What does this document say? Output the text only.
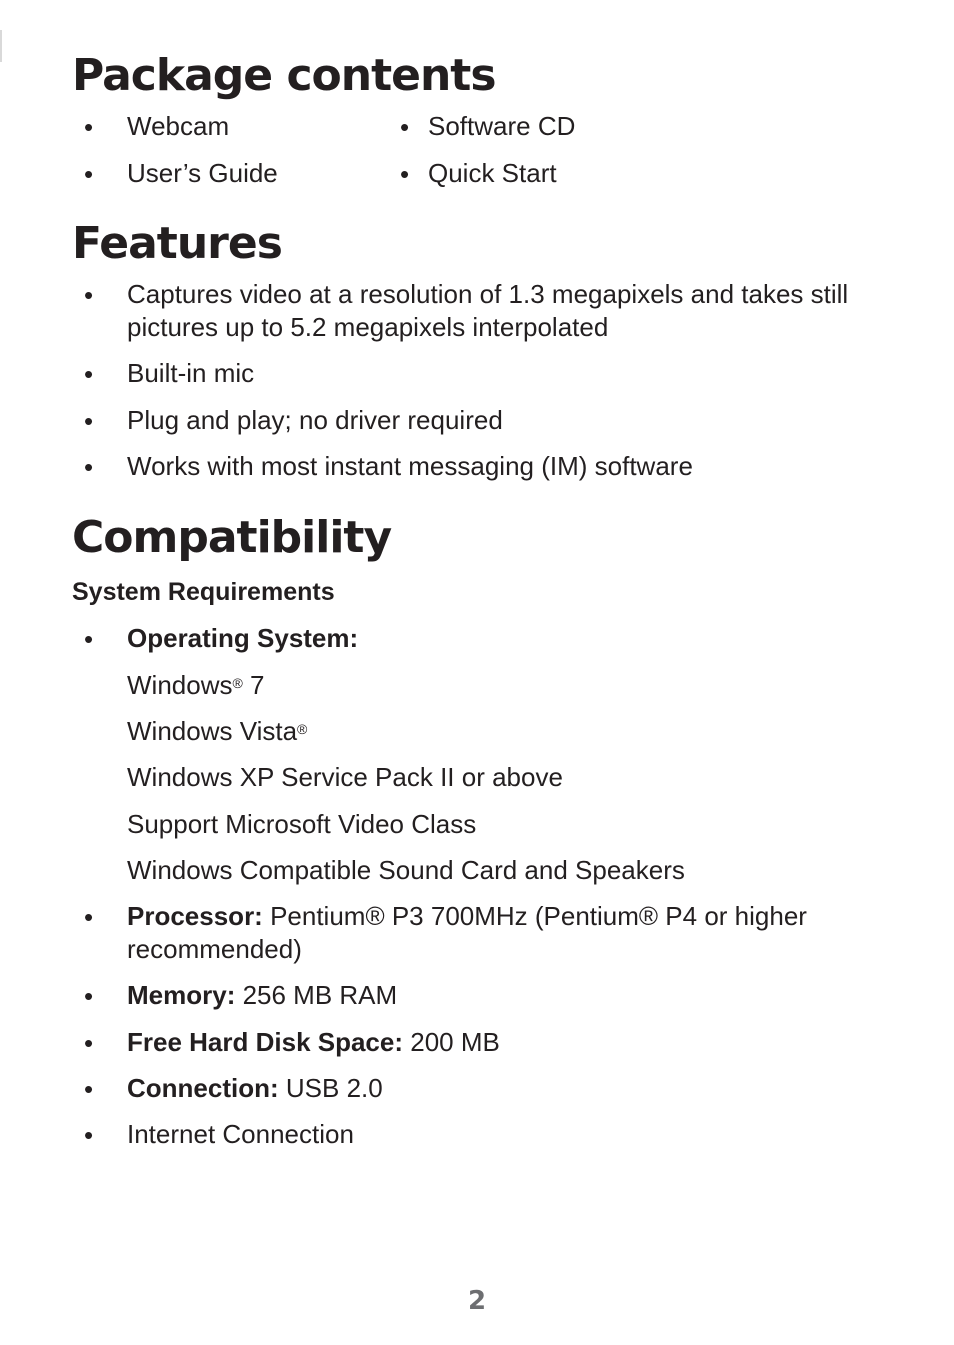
Package contents
• Webcam	• Software CD
• User’s Guide	• Quick Start
Features
• Captures video at a resolution of 1.3 megapixels and takes still pictures up to 5.2 megapixels interpolated
• Built-in mic
• Plug and play; no driver required
• Works with most instant messaging (IM) software
Compatibility
System Requirements
• Operating System:
Windows® 7
Windows Vista®
Windows XP Service Pack II or above
Support Microsoft Video Class
Windows Compatible Sound Card and Speakers
• Processor: Pentium® P3 700MHz (Pentium® P4 or higher recommended)
• Memory: 256 MB RAM
• Free Hard Disk Space: 200 MB
• Connection: USB 2.0
• Internet Connection
2
